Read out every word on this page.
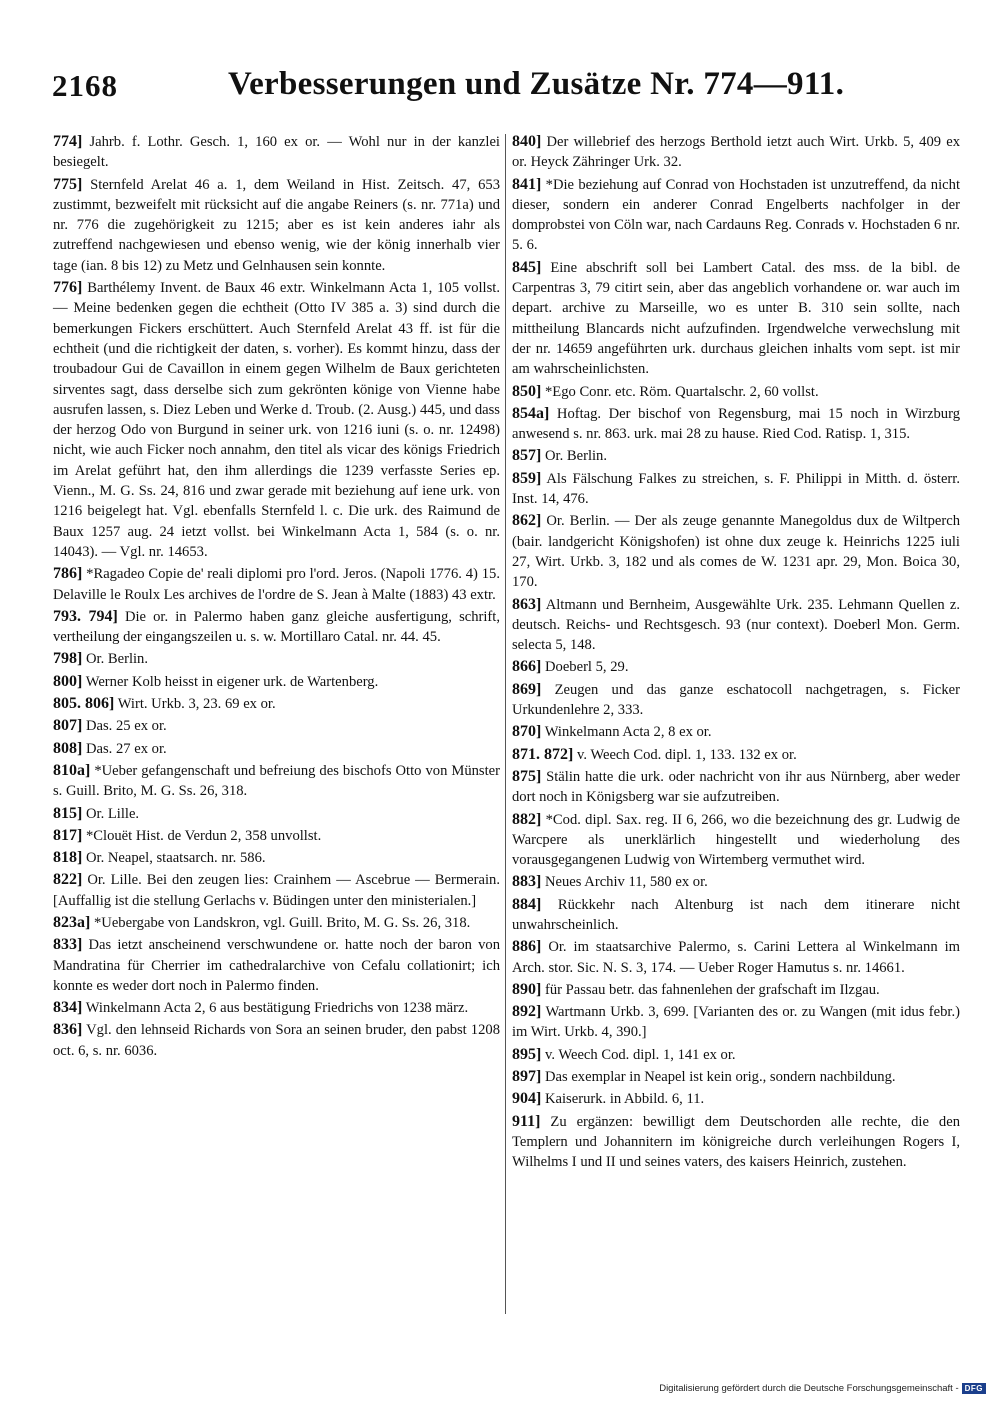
2168	Verbesserungen und Zusätze Nr. 774—911.

774] Jahrb. f. Lothr. Gesch. 1, 160 ex or. — Wohl nur in der kanzlei besiegelt.

775] Sternfeld Arelat 46 a. 1, dem Weiland in Hist. Zeitsch. 47, 653 zustimmt, bezweifelt mit rücksicht auf die angabe Reiners (s. nr. 771a) und nr. 776 die zugehörigkeit zu 1215; aber es ist kein anderes iahr als zutreffend nachgewiesen und ebenso wenig, wie der könig innerhalb vier tage (ian. 8 bis 12) zu Metz und Gelnhausen sein konnte.

776] Barthélemy Invent. de Baux 46 extr. Winkelmann Acta 1, 105 vollst. — Meine bedenken gegen die echtheit (Otto IV 385 a. 3) sind durch die bemerkungen Fickers erschüttert. Auch Sternfeld Arelat 43 ff. ist für die echtheit (und die richtigkeit der daten, s. vorher). Es kommt hinzu, dass der troubadour Gui de Cavaillon in einem gegen Wilhelm de Baux gerichteten sirventes sagt, dass derselbe sich zum gekrönten könige von Vienne habe ausrufen lassen, s. Diez Leben und Werke d. Troub. (2. Ausg.) 445, und dass der herzog Odo von Burgund in seiner urk. von 1216 iuni (s. o. nr. 12498) nicht, wie auch Ficker noch annahm, den titel als vicar des königs Friedrich im Arelat geführt hat, den ihm allerdings die 1239 verfasste Series ep. Vienn., M. G. Ss. 24, 816 und zwar gerade mit beziehung auf iene urk. von 1216 beigelegt hat. Vgl. ebenfalls Sternfeld l. c. Die urk. des Raimund de Baux 1257 aug. 24 ietzt vollst. bei Winkelmann Acta 1, 584 (s. o. nr. 14043). — Vgl. nr. 14653.

786] *Ragadeo Copie de' reali diplomi pro l'ord. Jeros. (Napoli 1776. 4) 15. Delaville le Roulx Les archives de l'ordre de S. Jean à Malte (1883) 43 extr.

793. 794] Die or. in Palermo haben ganz gleiche ausfertigung, schrift, vertheilung der eingangszeilen u. s. w. Mortillaro Catal. nr. 44. 45.

798] Or. Berlin.

800] Werner Kolb heisst in eigener urk. de Wartenberg.

805. 806] Wirt. Urkb. 3, 23. 69 ex or.

807] Das. 25 ex or.

808] Das. 27 ex or.

810a] *Ueber gefangenschaft und befreiung des bischofs Otto von Münster s. Guill. Brito, M. G. Ss. 26, 318.

815] Or. Lille.

817] *Clouët Hist. de Verdun 2, 358 unvollst.

818] Or. Neapel, staatsarch. nr. 586.

822] Or. Lille. Bei den zeugen lies: Crainhem — Ascebrue — Bermerain. [Auffallig ist die stellung Gerlachs v. Büdingen unter den ministerialen.]

823a] *Uebergabe von Landskron, vgl. Guill. Brito, M. G. Ss. 26, 318.

833] Das ietzt anscheinend verschwundene or. hatte noch der baron von Mandratina für Cherrier im cathedralarchive von Cefalu collationirt; ich konnte es weder dort noch in Palermo finden.

834] Winkelmann Acta 2, 6 aus bestätigung Friedrichs von 1238 märz.

836] Vgl. den lehnseid Richards von Sora an seinen bruder, den pabst 1208 oct. 6, s. nr. 6036.

840] Der willebrief des herzogs Berthold ietzt auch Wirt. Urkb. 5, 409 ex or. Heyck Zähringer Urk. 32.

841] *Die beziehung auf Conrad von Hochstaden ist unzutreffend, da nicht dieser, sondern ein anderer Conrad Engelberts nachfolger in der domprobstei von Cöln war, nach Cardauns Reg. Conrads v. Hochstaden 6 nr. 5. 6.

845] Eine abschrift soll bei Lambert Catal. des mss. de la bibl. de Carpentras 3, 79 citirt sein, aber das angeblich vorhandene or. war auch im depart. archive zu Marseille, wo es unter B. 310 sein sollte, nach mittheilung Blancards nicht aufzufinden. Irgendwelche verwechslung mit der nr. 14659 angeführten urk. durchaus gleichen inhalts vom sept. ist mir am wahrscheinlichsten.

850] *Ego Conr. etc. Röm. Quartalschr. 2, 60 vollst.

854a] Hoftag. Der bischof von Regensburg, mai 15 noch in Wirzburg anwesend s. nr. 863. urk. mai 28 zu hause. Ried Cod. Ratisp. 1, 315.

857] Or. Berlin.

859] Als Fälschung Falkes zu streichen, s. F. Philippi in Mitth. d. österr. Inst. 14, 476.

862] Or. Berlin. — Der als zeuge genannte Manegoldus dux de Wiltperch (bair. landgericht Königshofen) ist ohne dux zeuge k. Heinrichs 1225 iuli 27, Wirt. Urkb. 3, 182 und als comes de W. 1231 apr. 29, Mon. Boica 30, 170.

863] Altmann und Bernheim, Ausgewählte Urk. 235. Lehmann Quellen z. deutsch. Reichs- und Rechtsgesch. 93 (nur context). Doeberl Mon. Germ. selecta 5, 148.

866] Doeberl 5, 29.

869] Zeugen und das ganze eschatocoll nachgetragen, s. Ficker Urkundenlehre 2, 333.

870] Winkelmann Acta 2, 8 ex or.

871. 872] v. Weech Cod. dipl. 1, 133. 132 ex or.

875] Stälin hatte die urk. oder nachricht von ihr aus Nürnberg, aber weder dort noch in Königsberg war sie aufzutreiben.

882] *Cod. dipl. Sax. reg. II 6, 266, wo die bezeichnung des gr. Ludwig de Warcpere als unerklärlich hingestellt und wiederholung des vorausgegangenen Ludwig von Wirtemberg vermuthet wird.

883] Neues Archiv 11, 580 ex or.

884] Rückkehr nach Altenburg ist nach dem itinerare nicht unwahrscheinlich.

886] Or. im staatsarchive Palermo, s. Carini Lettera al Winkelmann im Arch. stor. Sic. N. S. 3, 174. — Ueber Roger Hamutus s. nr. 14661.

890] für Passau betr. das fahnenlehen der grafschaft im Ilzgau.

892] Wartmann Urkb. 3, 699. [Varianten des or. zu Wangen (mit idus febr.) im Wirt. Urkb. 4, 390.]

895] v. Weech Cod. dipl. 1, 141 ex or.

897] Das exemplar in Neapel ist kein orig., sondern nachbildung.

904] Kaiserurk. in Abbild. 6, 11.

911] Zu ergänzen: bewilligt dem Deutschorden alle rechte, die den Templern und Johannitern im königreiche durch verleihungen Rogers I, Wilhelms I und II und seines vaters, des kaisers Heinrich, zustehen.

Digitalisierung gefördert durch die Deutsche Forschungsgemeinschaft - DFG
